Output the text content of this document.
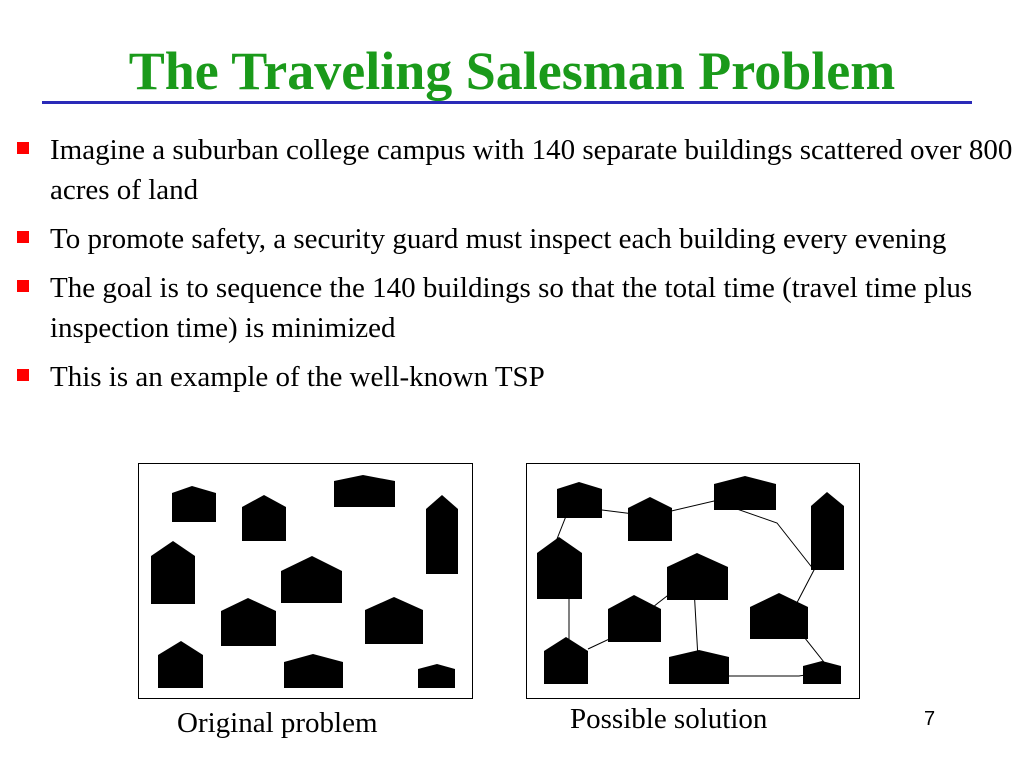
The Traveling Salesman Problem
Imagine a suburban college campus with 140 separate buildings scattered over 800 acres of land
To promote safety, a security guard must inspect each building every evening
The goal is to sequence the 140 buildings so that the total time (travel time plus inspection time) is minimized
This is an example of the well-known TSP
Original problem	Possible solution	7
